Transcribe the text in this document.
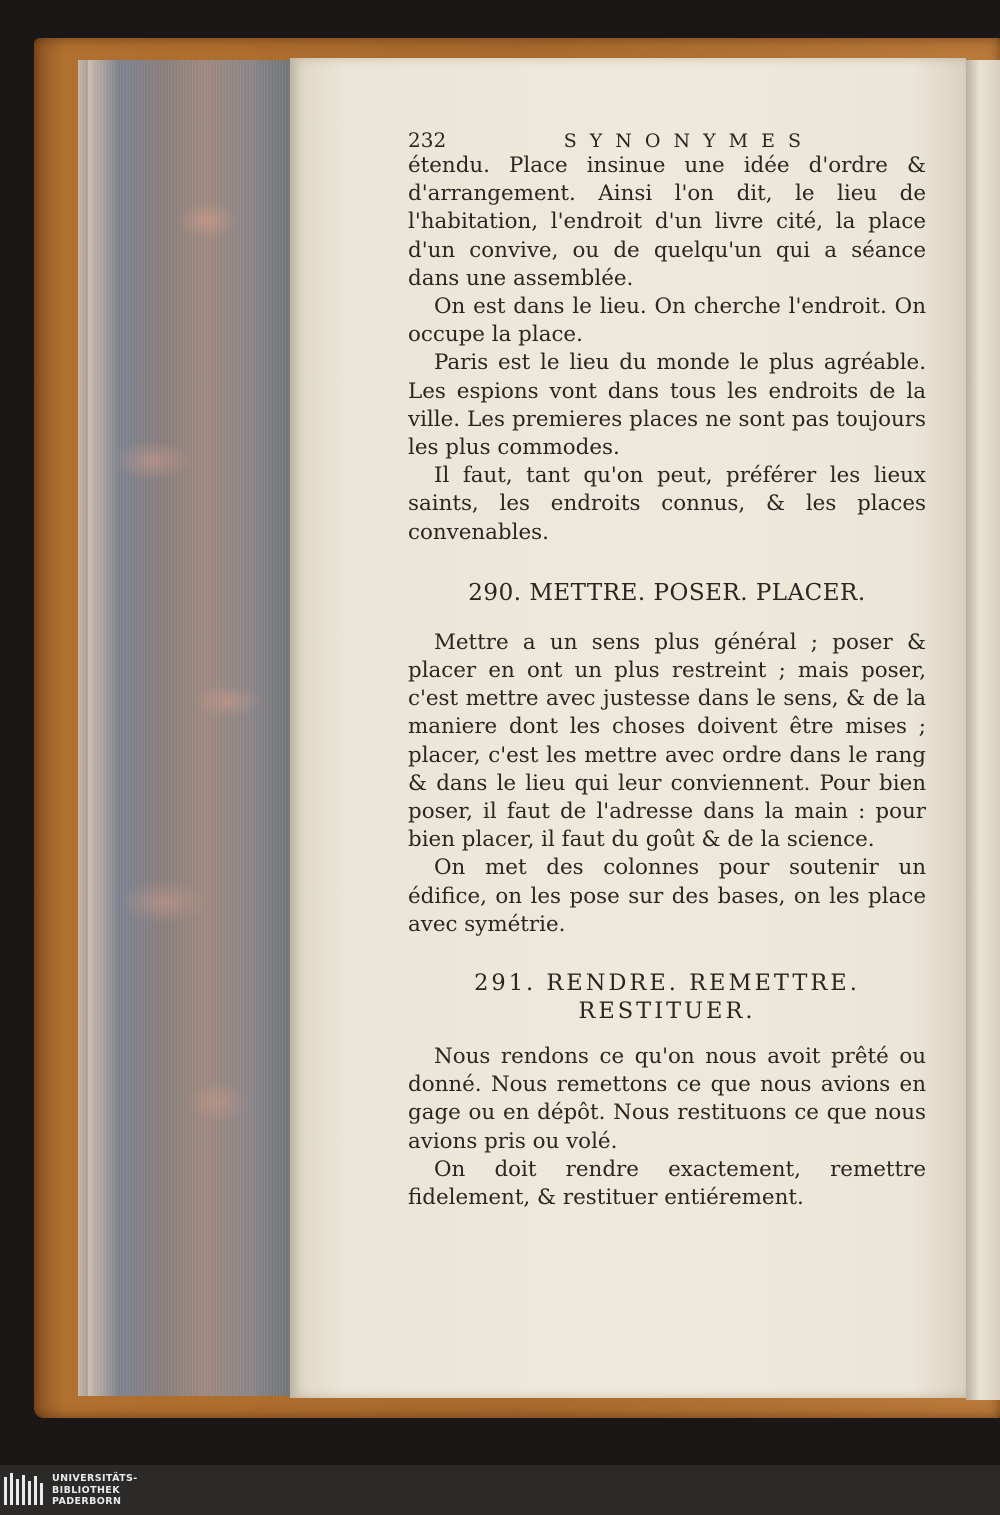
232	SYNONYMES

étendu. Place insinue une idée d'ordre & d'arrangement. Ainsi l'on dit, le lieu de l'habitation, l'endroit d'un livre cité, la place d'un convive, ou de quelqu'un qui a séance dans une assemblée.

On est dans le lieu. On cherche l'endroit. On occupe la place.

Paris est le lieu du monde le plus agréable. Les espions vont dans tous les endroits de la ville. Les premieres places ne sont pas toujours les plus commodes.

Il faut, tant qu'on peut, préférer les lieux saints, les endroits connus, & les places convenables.

290. METTRE. POSER. PLACER.

Mettre a un sens plus général ; poser & placer en ont un plus restreint ; mais poser, c'est mettre avec justesse dans le sens, & de la maniere dont les choses doivent être mises ; placer, c'est les mettre avec ordre dans le rang & dans le lieu qui leur conviennent. Pour bien poser, il faut de l'adresse dans la main : pour bien placer, il faut du goût & de la science.

On met des colonnes pour soutenir un édifice, on les pose sur des bases, on les place avec symétrie.

291. RENDRE. REMETTRE.

RESTITUER.

Nous rendons ce qu'on nous avoit prêté ou donné. Nous remettons ce que nous avions en gage ou en dépôt. Nous restituons ce que nous avions pris ou volé.

On doit rendre exactement, remettre fidelement, & restituer entiérement.

UNIVERSITÄTS-
BIBLIOTHEK
PADERBORN
